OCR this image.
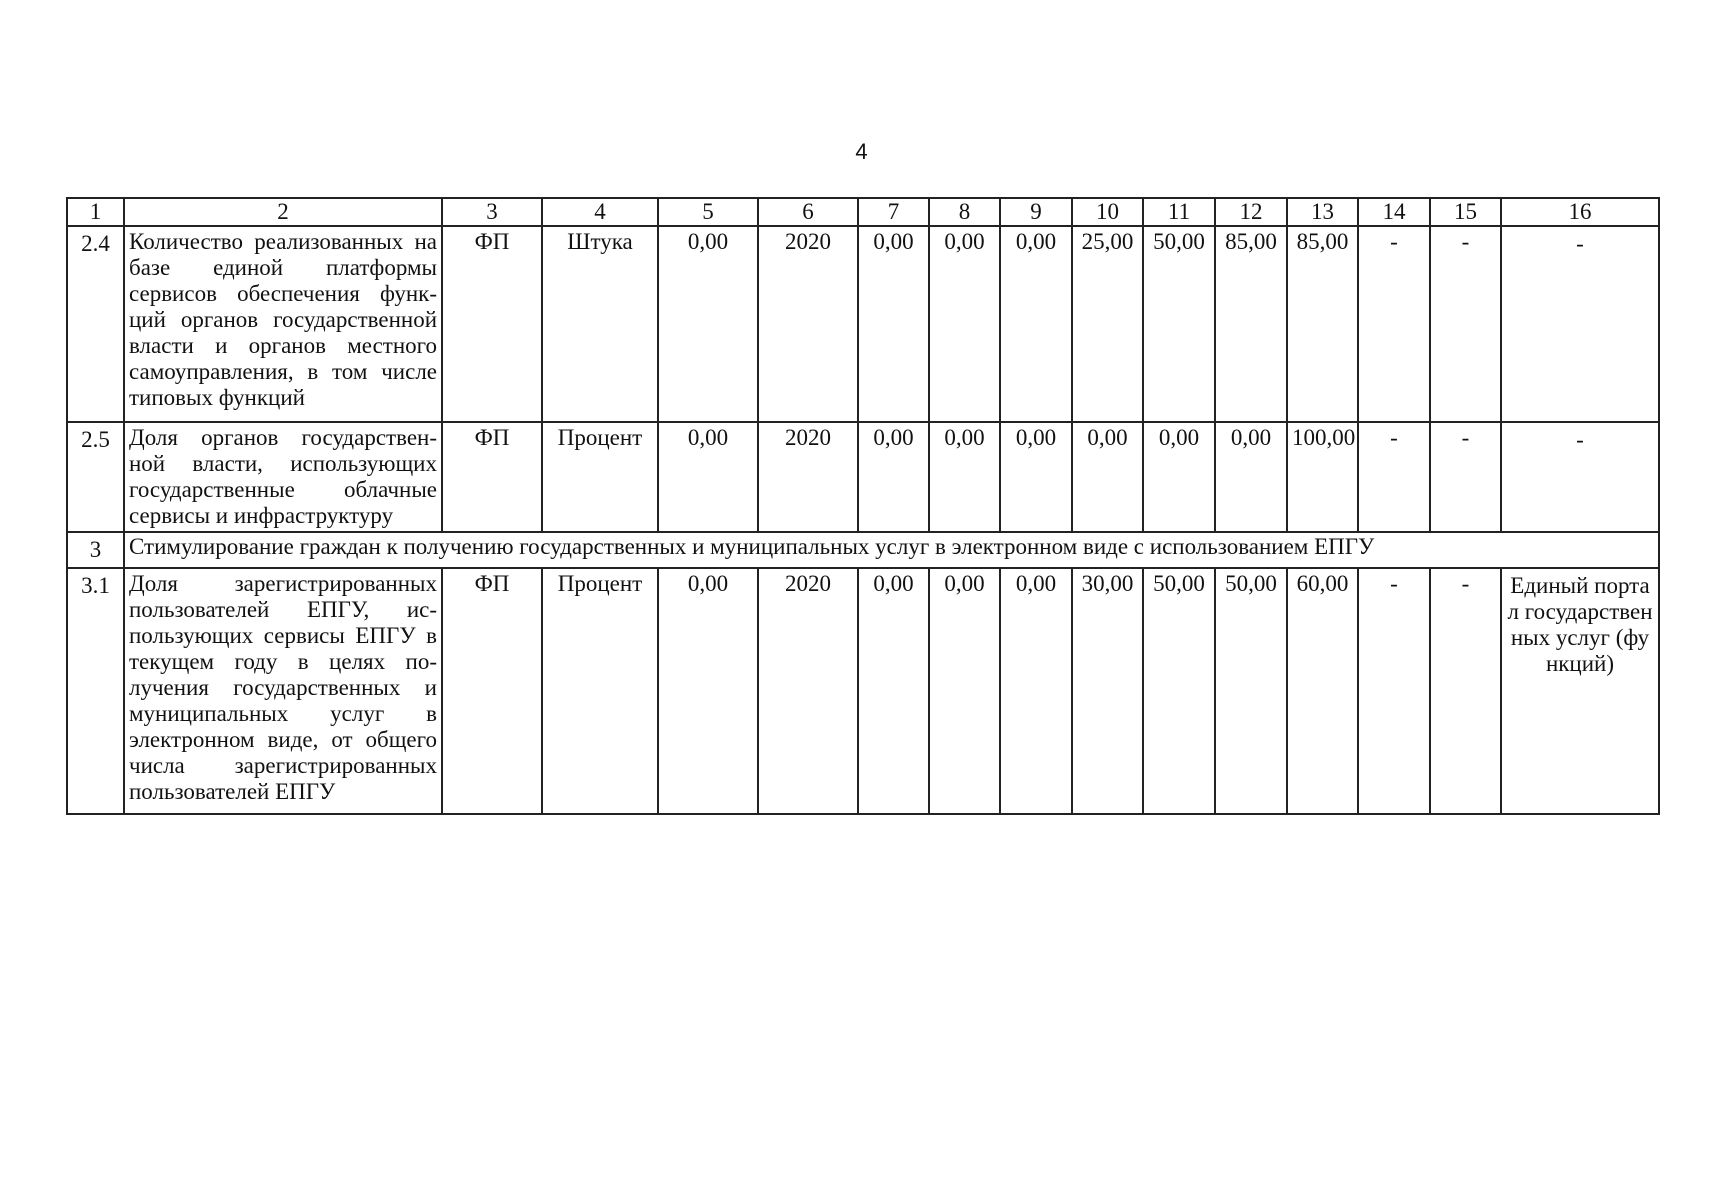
4
1	2	3	4	5	6	7	8	9	10	11	12	13	14	15	16
2.4	Количество реализованных на базе единой платформы сервисов обеспечения функ-ций органов государственной власти и органов местного самоуправления, в том числе типовых функций	ФП	Штука	0,00	2020	0,00	0,00	0,00	25,00	50,00	85,00	85,00	-	-	-
2.5	Доля органов государствен-ной власти, использующих государственные облачные сервисы и инфраструктуру	ФП	Процент	0,00	2020	0,00	0,00	0,00	0,00	0,00	0,00	100,00	-	-	-
3	Стимулирование граждан к получению государственных и муниципальных услуг в электронном виде с использованием ЕПГУ														
3.1	Доля зарегистрированных пользователей ЕПГУ, ис-пользующих сервисы ЕПГУ в текущем году в целях по-лучения государственных и муниципальных услуг в электронном виде, от общего числа зарегистрированных пользователей ЕПГУ	ФП	Процент	0,00	2020	0,00	0,00	0,00	30,00	50,00	50,00	60,00	-	-	Единый портал государственных услуг (функций)
